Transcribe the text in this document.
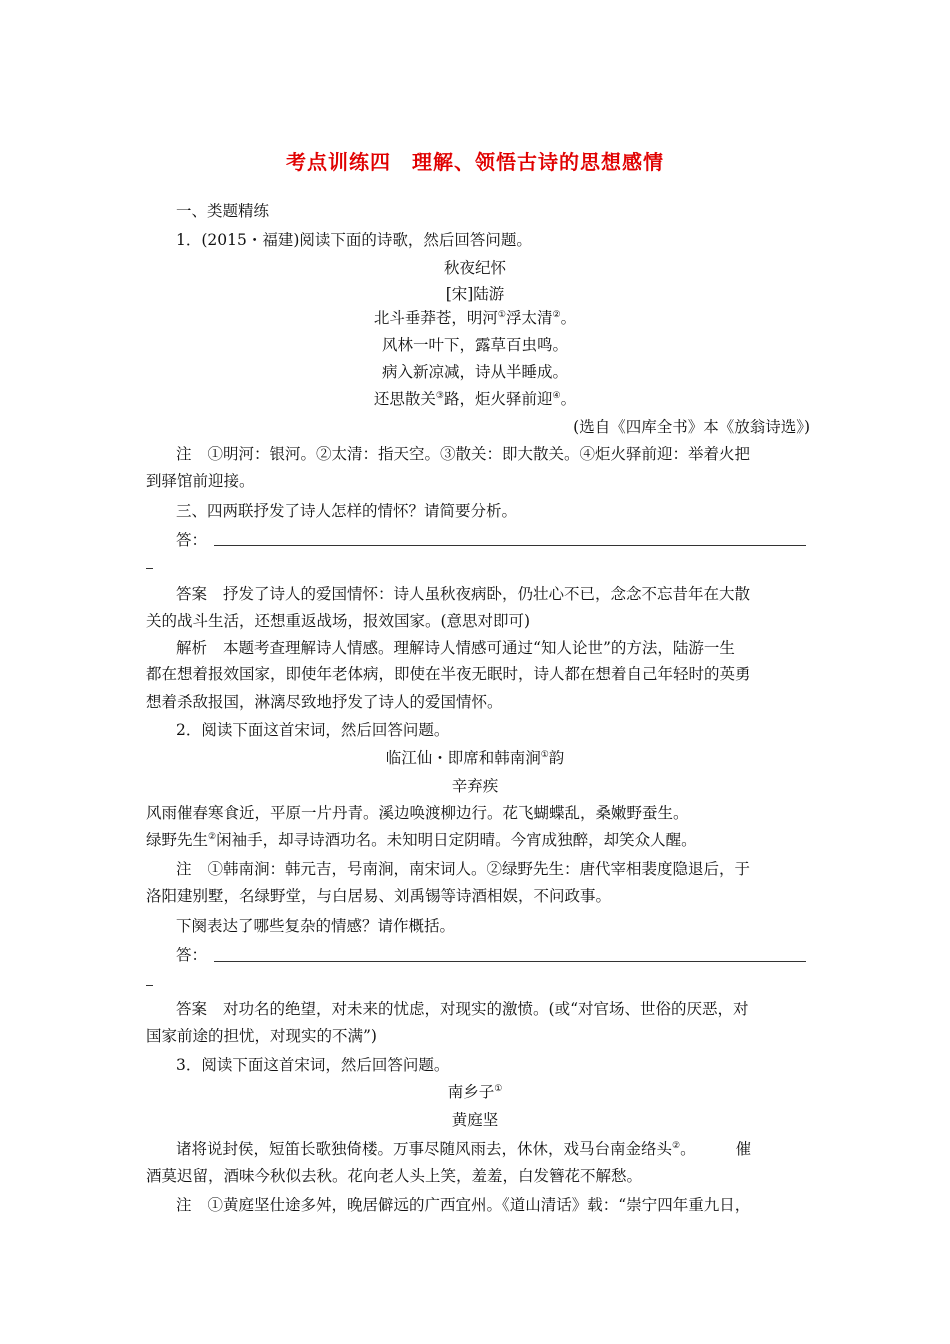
考点训练四　理解、领悟古诗的思想感情
一、类题精练
1．(2015・福建)阅读下面的诗歌，然后回答问题。
秋夜纪怀
[宋]陆游
北斗垂莽苍，明河①浮太清②。
风林一叶下，露草百虫鸣。
病入新凉减，诗从半睡成。
还思散关③路，炬火驿前迎④。
(选自《四库全书》本《放翁诗选》)
注 ①明河：银河。②太清：指天空。③散关：即大散关。④炬火驿前迎：举着火把
到驿馆前迎接。
三、四两联抒发了诗人怎样的情怀？请简要分析。
答：
答案 抒发了诗人的爱国情怀：诗人虽秋夜病卧，仍壮心不已，念念不忘昔年在大散
关的战斗生活，还想重返战场，报效国家。(意思对即可)
解析 本题考查理解诗人情感。理解诗人情感可通过“知人论世”的方法，陆游一生
都在想着报效国家，即使年老体病，即使在半夜无眠时，诗人都在想着自己年轻时的英勇
想着杀敌报国，淋漓尽致地抒发了诗人的爱国情怀。
2．阅读下面这首宋词，然后回答问题。
临江仙・即席和韩南涧①韵
辛弃疾
风雨催春寒食近，平原一片丹青。溪边唤渡柳边行。花飞蝴蝶乱，桑嫩野蚕生。
绿野先生②闲袖手，却寻诗酒功名。未知明日定阴晴。今宵成独醉，却笑众人醒。
注 ①韩南涧：韩元吉，号南涧，南宋词人。②绿野先生：唐代宰相裴度隐退后，于
洛阳建别墅，名绿野堂，与白居易、刘禹锡等诗酒相娱，不问政事。
下阕表达了哪些复杂的情感？请作概括。
答：
答案 对功名的绝望，对未来的忧虑，对现实的激愤。(或“对官场、世俗的厌恶，对
国家前途的担忧，对现实的不满”)
3．阅读下面这首宋词，然后回答问题。
南乡子①
黄庭坚
诸将说封侯，短笛长歌独倚楼。万事尽随风雨去，休休，戏马台南金络头②。	催
酒莫迟留，酒味今秋似去秋。花向老人头上笑，羞羞，白发簪花不解愁。
注 ①黄庭坚仕途多舛，晚居僻远的广西宜州。《道山清话》载：“崇宁四年重九日，
